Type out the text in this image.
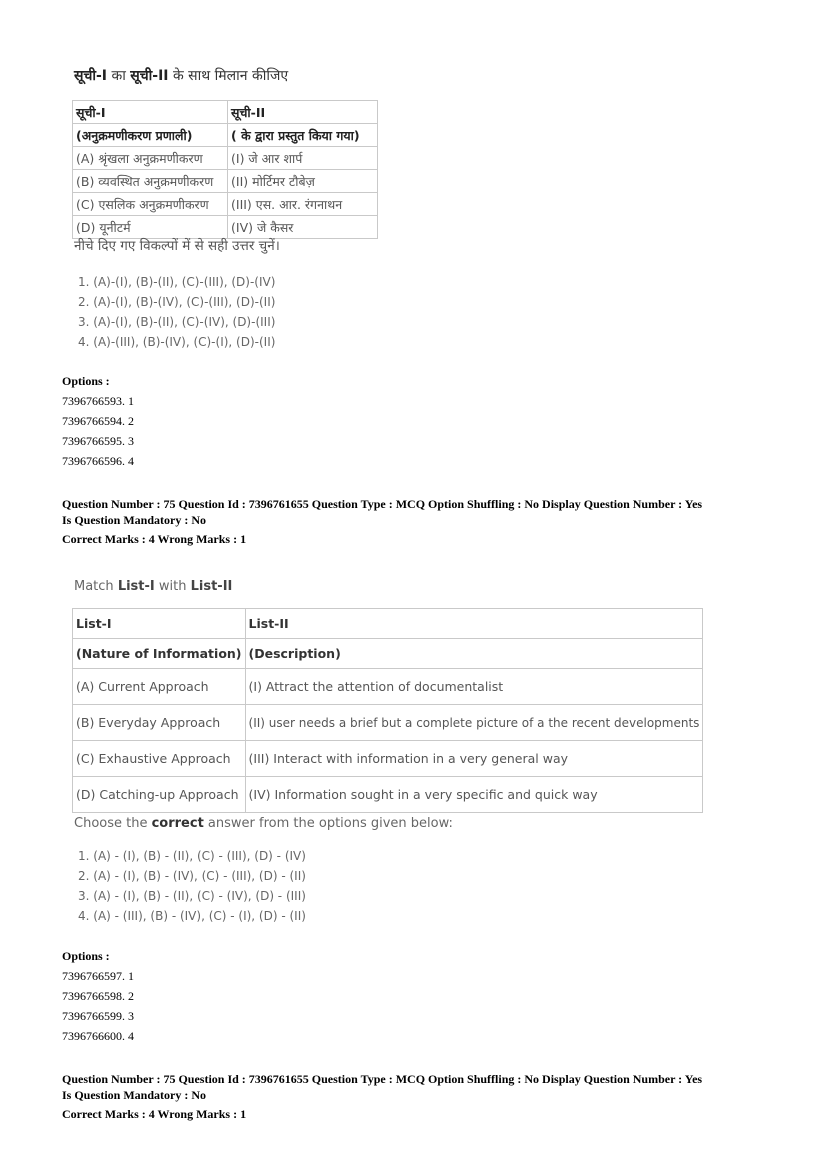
सूची-I का सूची-II के साथ मिलान कीजिए
सूची-I	सूची-II
(अनुक्रमणीकरण प्रणाली)	( के द्वारा प्रस्तुत किया गया)
(A) श्रृंखला अनुक्रमणीकरण	(I) जे आर शार्प
(B) व्यवस्थित अनुक्रमणीकरण	(II) मोर्टिमर टौबेज़
(C) एसलिक अनुक्रमणीकरण	(III) एस. आर. रंगनाथन
(D) यूनीटर्म	(IV) जे कैसर
नीचे दिए गए विकल्पों में से सही उत्तर चुनें।
1. (A)-(I), (B)-(II), (C)-(III), (D)-(IV)
2. (A)-(I), (B)-(IV), (C)-(III), (D)-(II)
3. (A)-(I), (B)-(II), (C)-(IV), (D)-(III)
4. (A)-(III), (B)-(IV), (C)-(I), (D)-(II)
Options :
7396766593. 1
7396766594. 2
7396766595. 3
7396766596. 4
Question Number : 75 Question Id : 7396761655 Question Type : MCQ Option Shuffling : No Display Question Number : Yes
Is Question Mandatory : No
Correct Marks : 4 Wrong Marks : 1
Match List-I with List-II
List-I	List-II
(Nature of Information)	(Description)
(A) Current Approach	(I) Attract the attention of documentalist
(B) Everyday Approach	(II) user needs a brief but a complete picture of a the recent developments
(C) Exhaustive Approach	(III) Interact with information in a very general way
(D) Catching-up Approach	(IV) Information sought in a very specific and quick way
Choose the correct answer from the options given below:
1. (A) - (I), (B) - (II), (C) - (III), (D) - (IV)
2. (A) - (I), (B) - (IV), (C) - (III), (D) - (II)
3. (A) - (I), (B) - (II), (C) - (IV), (D) - (III)
4. (A) - (III), (B) - (IV), (C) - (I), (D) - (II)
Options :
7396766597. 1
7396766598. 2
7396766599. 3
7396766600. 4
Question Number : 75 Question Id : 7396761655 Question Type : MCQ Option Shuffling : No Display Question Number : Yes
Is Question Mandatory : No
Correct Marks : 4 Wrong Marks : 1
